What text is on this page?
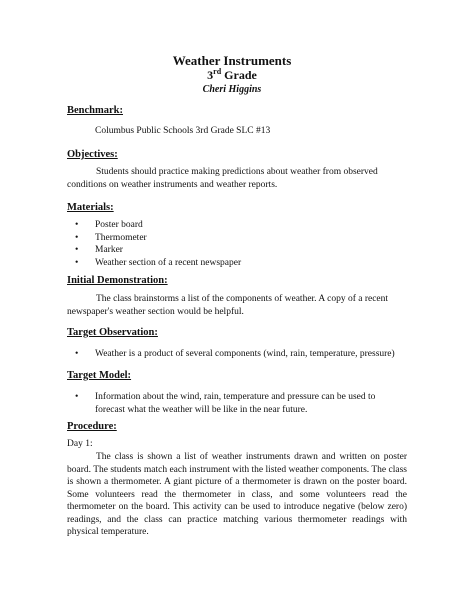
Weather Instruments
3rd Grade
Cheri Higgins
Benchmark:
Columbus Public Schools 3rd Grade SLC #13
Objectives:
Students should practice making predictions about weather from observed conditions on weather instruments and weather reports.
Materials:
• Poster board
• Thermometer
• Marker
• Weather section of a recent newspaper
Initial Demonstration:
The class brainstorms a list of the components of weather. A copy of a recent newspaper's weather section would be helpful.
Target Observation:
• Weather is a product of several components (wind, rain, temperature, pressure)
Target Model:
• Information about the wind, rain, temperature and pressure can be used to forecast what the weather will be like in the near future.
Procedure:
Day 1:
The class is shown a list of weather instruments drawn and written on poster board. The students match each instrument with the listed weather components. The class is shown a thermometer. A giant picture of a thermometer is drawn on the poster board. Some volunteers read the thermometer in class, and some volunteers read the thermometer on the board. This activity can be used to introduce negative (below zero) readings, and the class can practice matching various thermometer readings with physical temperature.
